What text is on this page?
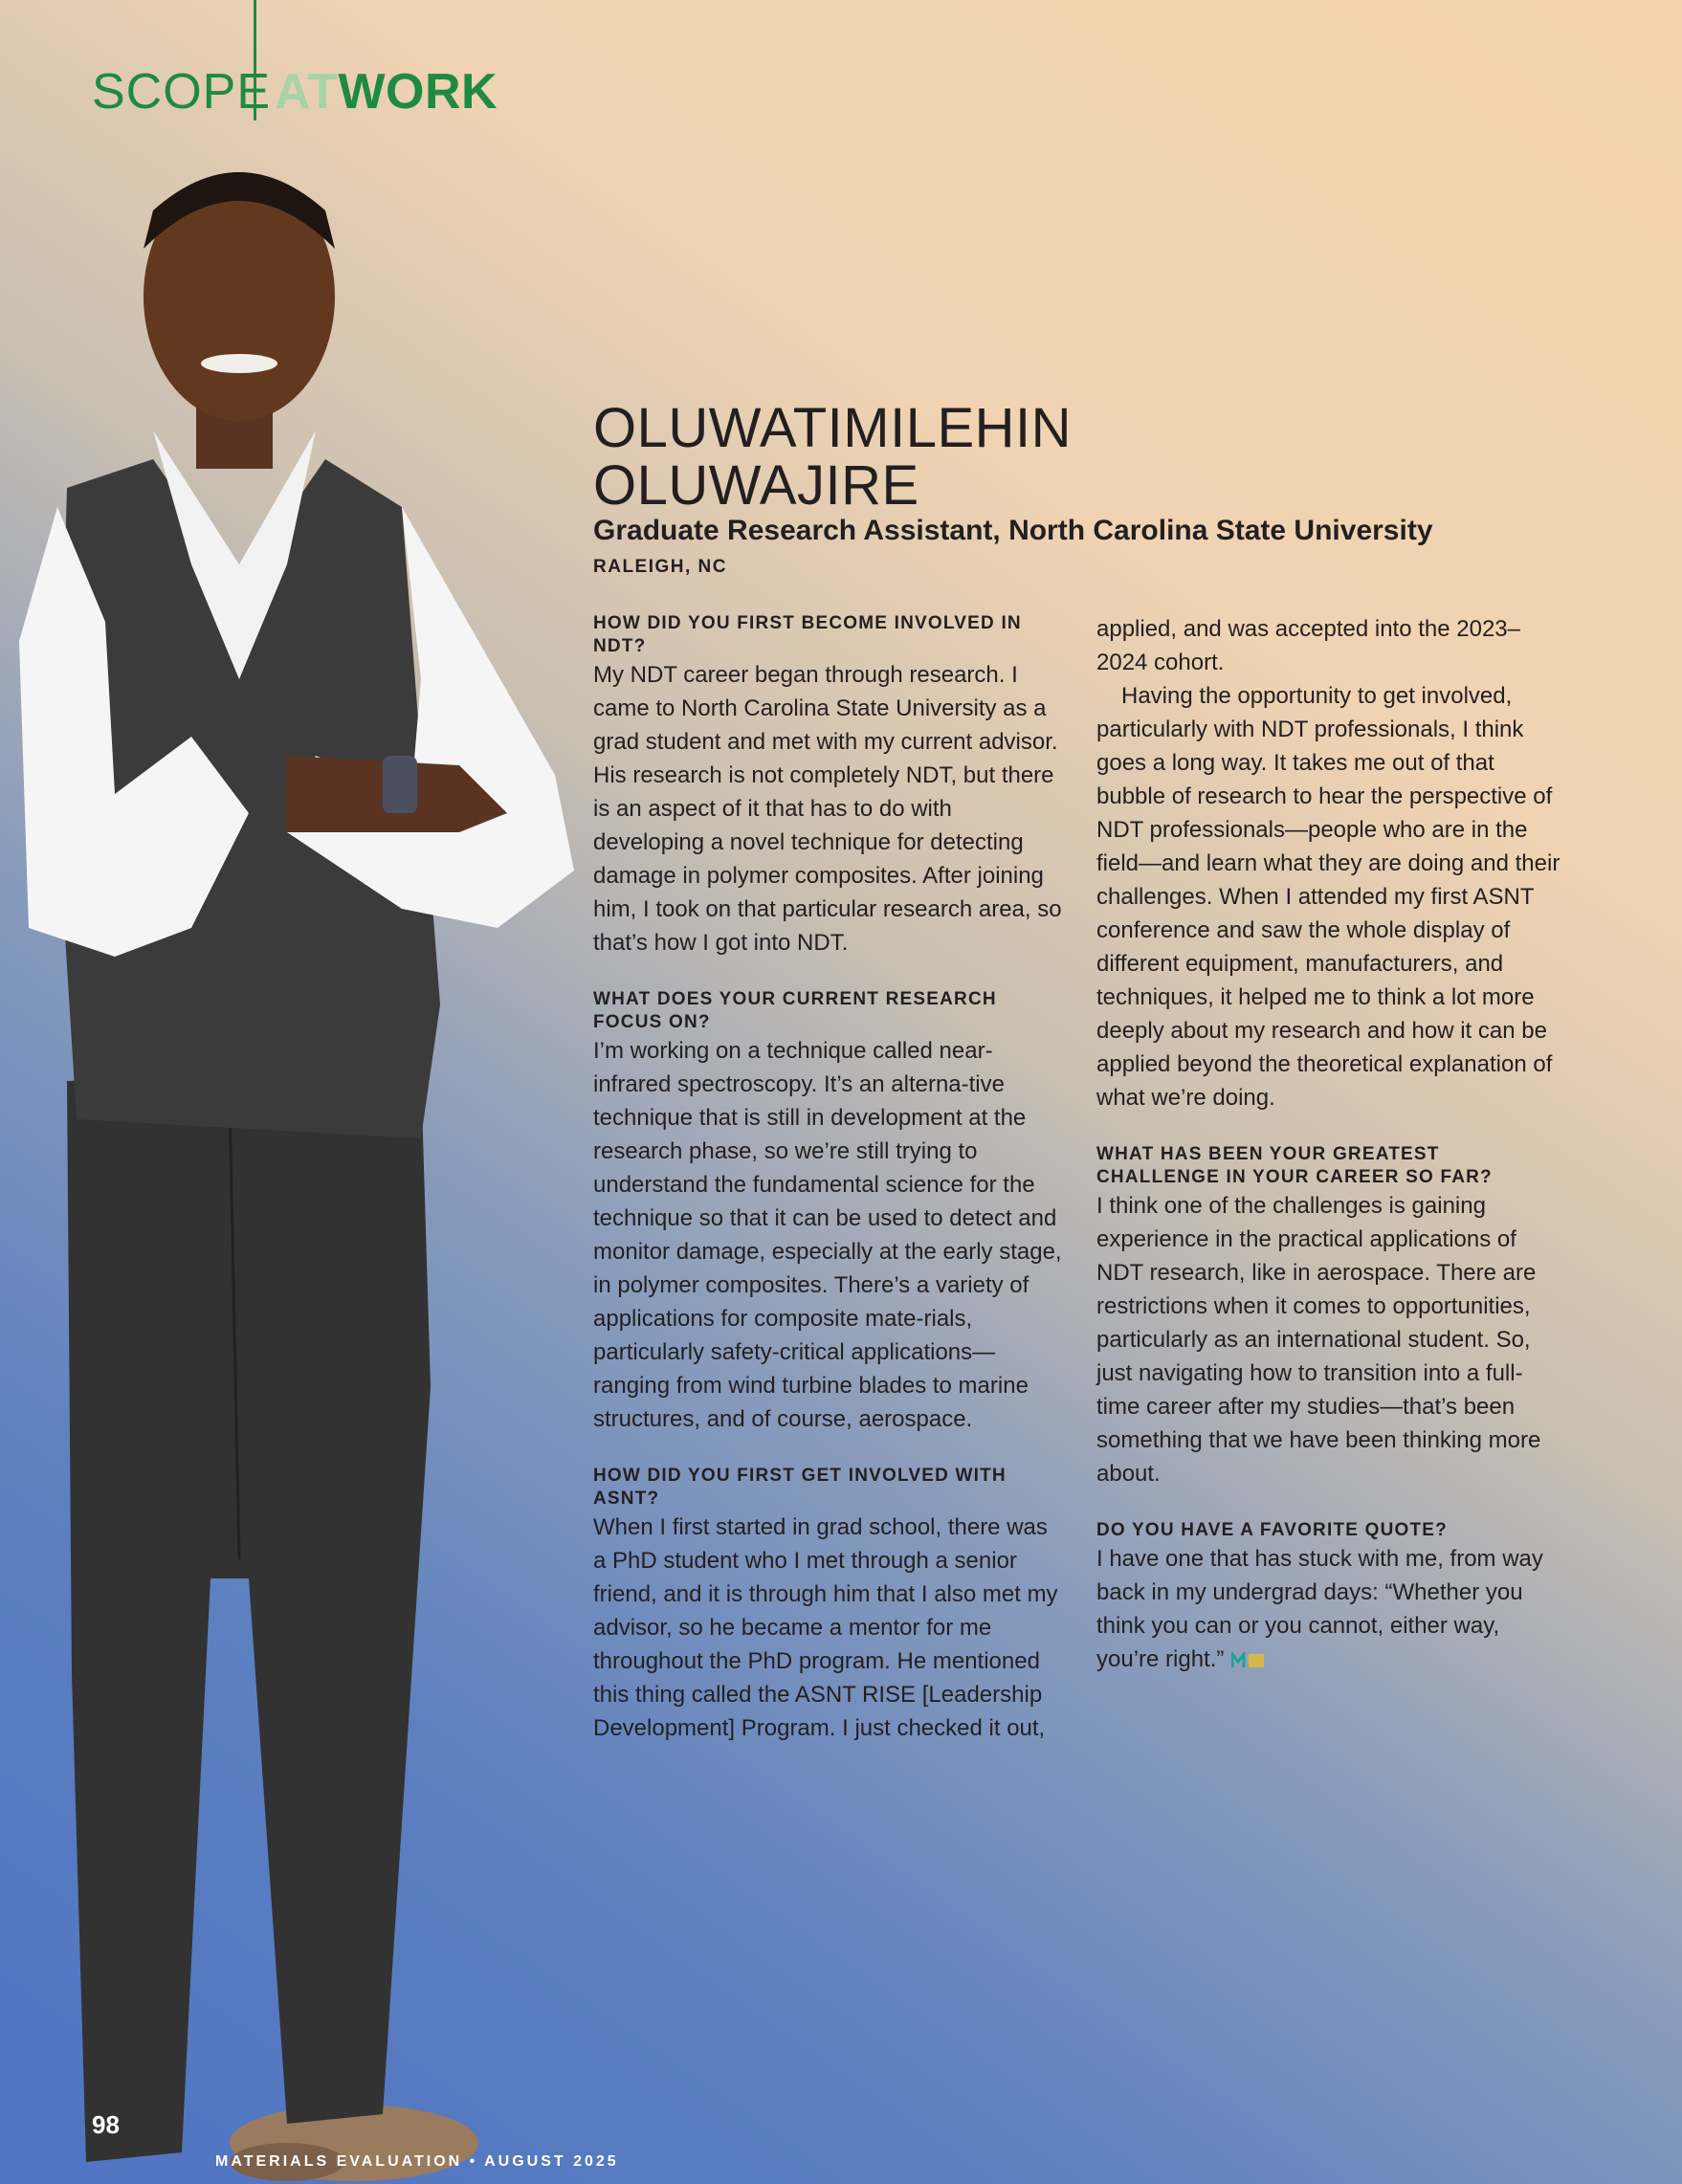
SCOPE ATWORK
OLUWATIMILEHIN
OLUWAJIRE
Graduate Research Assistant, North Carolina State University
RALEIGH, NC
HOW DID YOU FIRST BECOME INVOLVED IN NDT?
My NDT career began through research. I came to North Carolina State University as a grad student and met with my current advisor. His research is not completely NDT, but there is an aspect of it that has to do with developing a novel technique for detecting damage in polymer composites. After joining him, I took on that particular research area, so that’s how I got into NDT.
WHAT DOES YOUR CURRENT RESEARCH FOCUS ON?
I’m working on a technique called near-infrared spectroscopy. It’s an alterna-tive technique that is still in development at the research phase, so we’re still trying to understand the fundamental science for the technique so that it can be used to detect and monitor damage, especially at the early stage, in polymer composites. There’s a variety of applications for composite mate-rials, particularly safety-critical applications—ranging from wind turbine blades to marine structures, and of course, aerospace.
HOW DID YOU FIRST GET INVOLVED WITH ASNT?
When I first started in grad school, there was a PhD student who I met through a senior friend, and it is through him that I also met my advisor, so he became a mentor for me throughout the PhD program. He mentioned this thing called the ASNT RISE [Leadership Development] Program. I just checked it out,
applied, and was accepted into the 2023–2024 cohort.
Having the opportunity to get involved, particularly with NDT professionals, I think goes a long way. It takes me out of that bubble of research to hear the perspective of NDT professionals—people who are in the field—and learn what they are doing and their challenges. When I attended my first ASNT conference and saw the whole display of different equipment, manufacturers, and techniques, it helped me to think a lot more deeply about my research and how it can be applied beyond the theoretical explanation of what we’re doing.
WHAT HAS BEEN YOUR GREATEST CHALLENGE IN YOUR CAREER SO FAR?
I think one of the challenges is gaining experience in the practical applications of NDT research, like in aerospace. There are restrictions when it comes to opportunities, particularly as an international student. So, just navigating how to transition into a full-time career after my studies—that’s been something that we have been thinking more about.
DO YOU HAVE A FAVORITE QUOTE?
I have one that has stuck with me, from way back in my undergrad days: “Whether you think you can or you cannot, either way, you’re right.”
98
MATERIALS EVALUATION • AUGUST 2025
